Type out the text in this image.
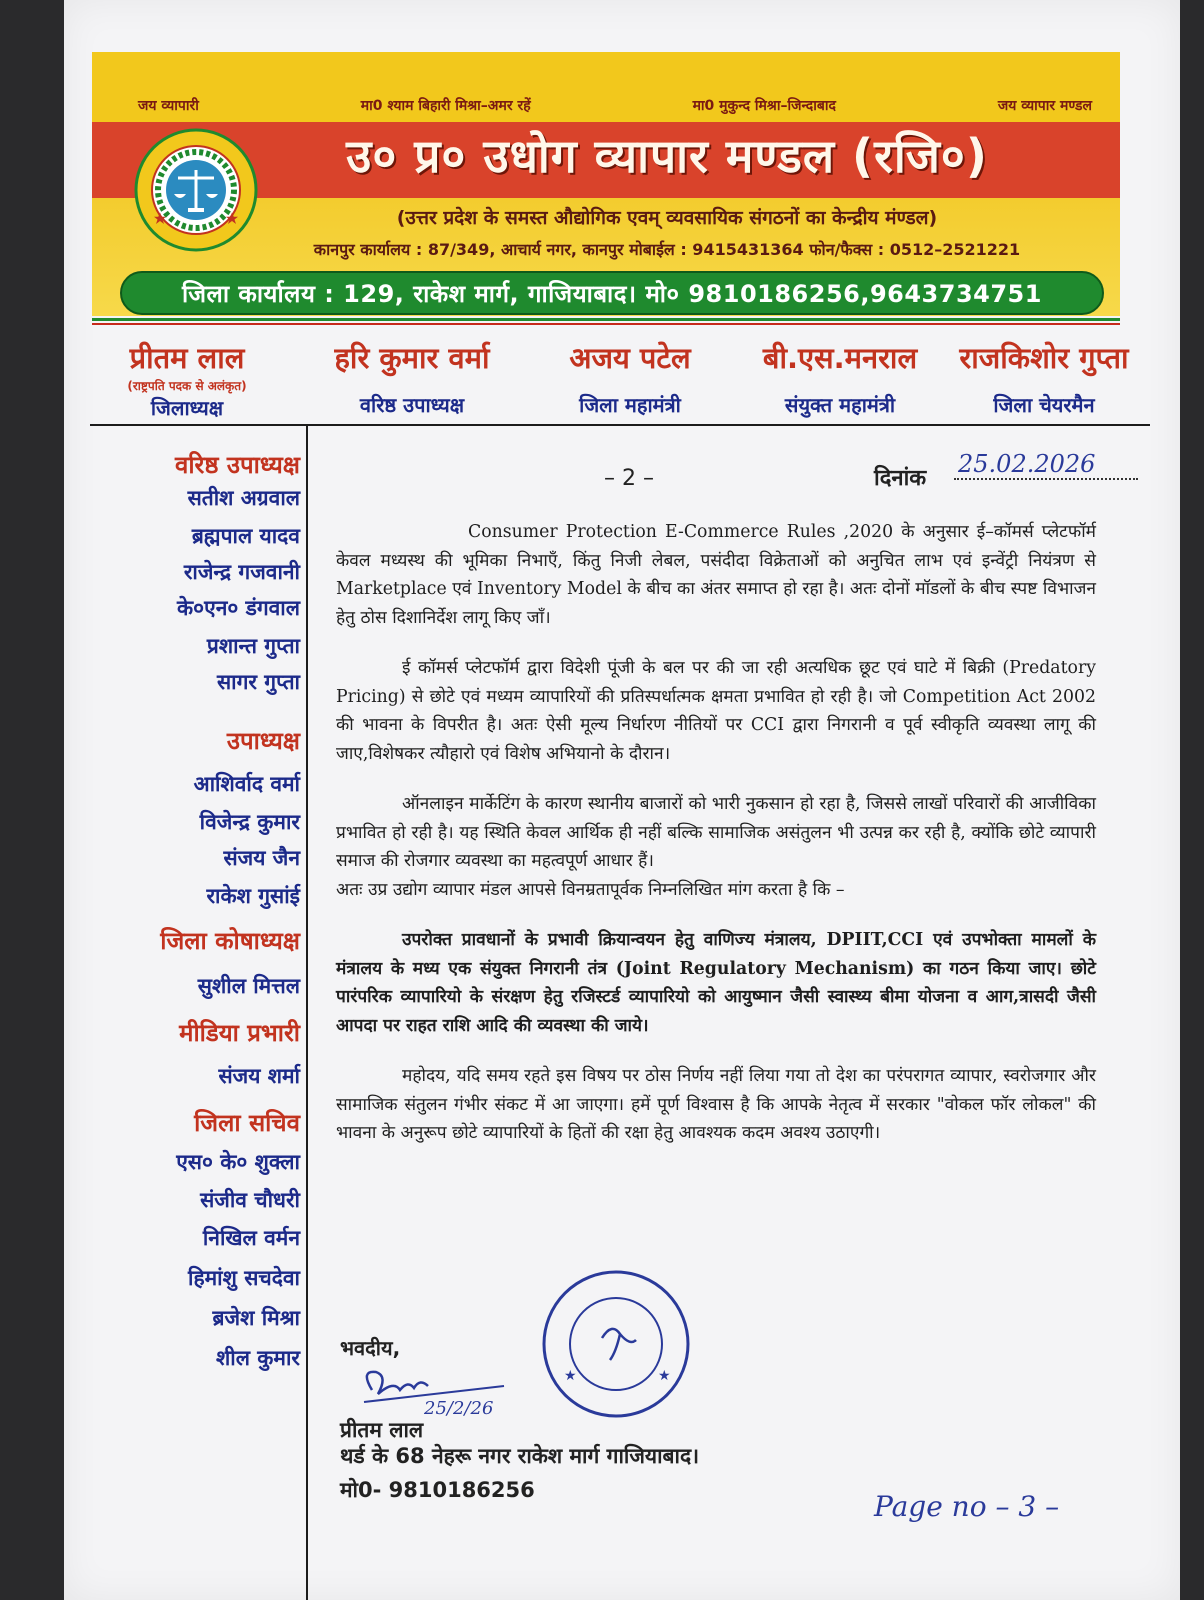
जय व्यापारी	मा0 श्याम बिहारी मिश्रा–अमर रहें	मा0 मुकुन्द मिश्रा–जिन्दाबाद	जय व्यापार मण्डल
उ० प्र० उधोग व्यापार मण्डल (रजि०)
(उत्तर प्रदेश के समस्त औद्योगिक एवम् व्यवसायिक संगठनों का केन्द्रीय मंण्डल)
कानपुर कार्यालय : 87/349, आचार्य नगर, कानपुर मोबाईल : 9415431364 फोन/फैक्स : 0512–2521221
जिला कार्यालय : 129, राकेश मार्ग, गाजियाबाद। मो० 9810186256,9643734751
प्रीतम लाल
(राष्ट्रपति पदक से अलंकृत)
जिलाध्यक्ष
हरि कुमार वर्मा
वरिष्ठ उपाध्यक्ष
अजय पटेल
जिला महामंत्री
बी.एस.मनराल
संयुक्त महामंत्री
राजकिशोर गुप्ता
जिला चेयरमैन
वरिष्ठ उपाध्यक्ष
सतीश अग्रवाल
ब्रह्मपाल यादव
राजेन्द्र गजवानी
के०एन० डंगवाल
प्रशान्त गुप्ता
सागर गुप्ता
उपाध्यक्ष
आशिर्वाद वर्मा
विजेन्द्र कुमार
संजय जैन
राकेश गुसांई
जिला कोषाध्यक्ष
सुशील मित्तल
मीडिया प्रभारी
संजय शर्मा
जिला सचिव
एस० के० शुक्ला
संजीव चौधरी
निखिल वर्मन
हिमांशु सचदेवा
ब्रजेश मिश्रा
शील कुमार
– 2 –	दिनांक
25.02.2026

Consumer Protection E-Commerce Rules ,2020 के अनुसार ई–कॉमर्स प्लेटफॉर्म केवल मध्यस्थ की भूमिका निभाएँ, किंतु निजी लेबल, पसंदीदा विक्रेताओं को अनुचित लाभ एवं इन्वेंट्री नियंत्रण से Marketplace एवं Inventory Model के बीच का अंतर समाप्त हो रहा है। अतः दोनों मॉडलों के बीच स्पष्ट विभाजन हेतु ठोस दिशानिर्देश लागू किए जाँ।

ई कॉमर्स प्लेटफॉर्म द्वारा विदेशी पूंजी के बल पर की जा रही अत्यधिक छूट एवं घाटे में बिक्री (Predatory Pricing) से छोटे एवं मध्यम व्यापारियों की प्रतिस्पर्धात्मक क्षमता प्रभावित हो रही है। जो Competition Act 2002 की भावना के विपरीत है। अतः ऐसी मूल्य निर्धारण नीतियों पर CCI द्वारा निगरानी व पूर्व स्वीकृति व्यवस्था लागू की जाए,विशेषकर त्यौहारो एवं विशेष अभियानो के दौरान।

ऑनलाइन मार्केटिंग के कारण स्थानीय बाजारों को भारी नुकसान हो रहा है, जिससे लाखों परिवारों की आजीविका प्रभावित हो रही है। यह स्थिति केवल आर्थिक ही नहीं बल्कि सामाजिक असंतुलन भी उत्पन्न कर रही है, क्योंकि छोटे व्यापारी समाज की रोजगार व्यवस्था का महत्वपूर्ण आधार हैं।

अतः उप्र उद्योग व्यापार मंडल आपसे विनम्रतापूर्वक निम्नलिखित मांग करता है कि –

उपरोक्त प्रावधानों के प्रभावी क्रियान्वयन हेतु वाणिज्य मंत्रालय, DPIIT,CCI एवं उपभोक्ता मामलों के मंत्रालय के मध्य एक संयुक्त निगरानी तंत्र (Joint Regulatory Mechanism) का गठन किया जाए। छोटे पारंपरिक व्यापारियो के संरक्षण हेतु रजिस्टर्ड व्यापारियो को आयुष्मान जैसी स्वास्थ्य बीमा योजना व आग,त्रासदी जैसी आपदा पर राहत राशि आदि की व्यवस्था की जाये।

महोदय, यदि समय रहते इस विषय पर ठोस निर्णय नहीं लिया गया तो देश का परंपरागत व्यापार, स्वरोजगार और सामाजिक संतुलन गंभीर संकट में आ जाएगा। हमें पूर्ण विश्वास है कि आपके नेतृत्व में सरकार "वोकल फॉर लोकल" की भावना के अनुरूप छोटे व्यापारियों के हितों की रक्षा हेतु आवश्यक कदम अवश्य उठाएगी।

भवदीय,
25/2/26
प्रीतम लाल
थर्ड के 68 नेहरू नगर राकेश मार्ग गाजियाबाद।
मो0- 9810186256
★	★
Page no – 3 –
